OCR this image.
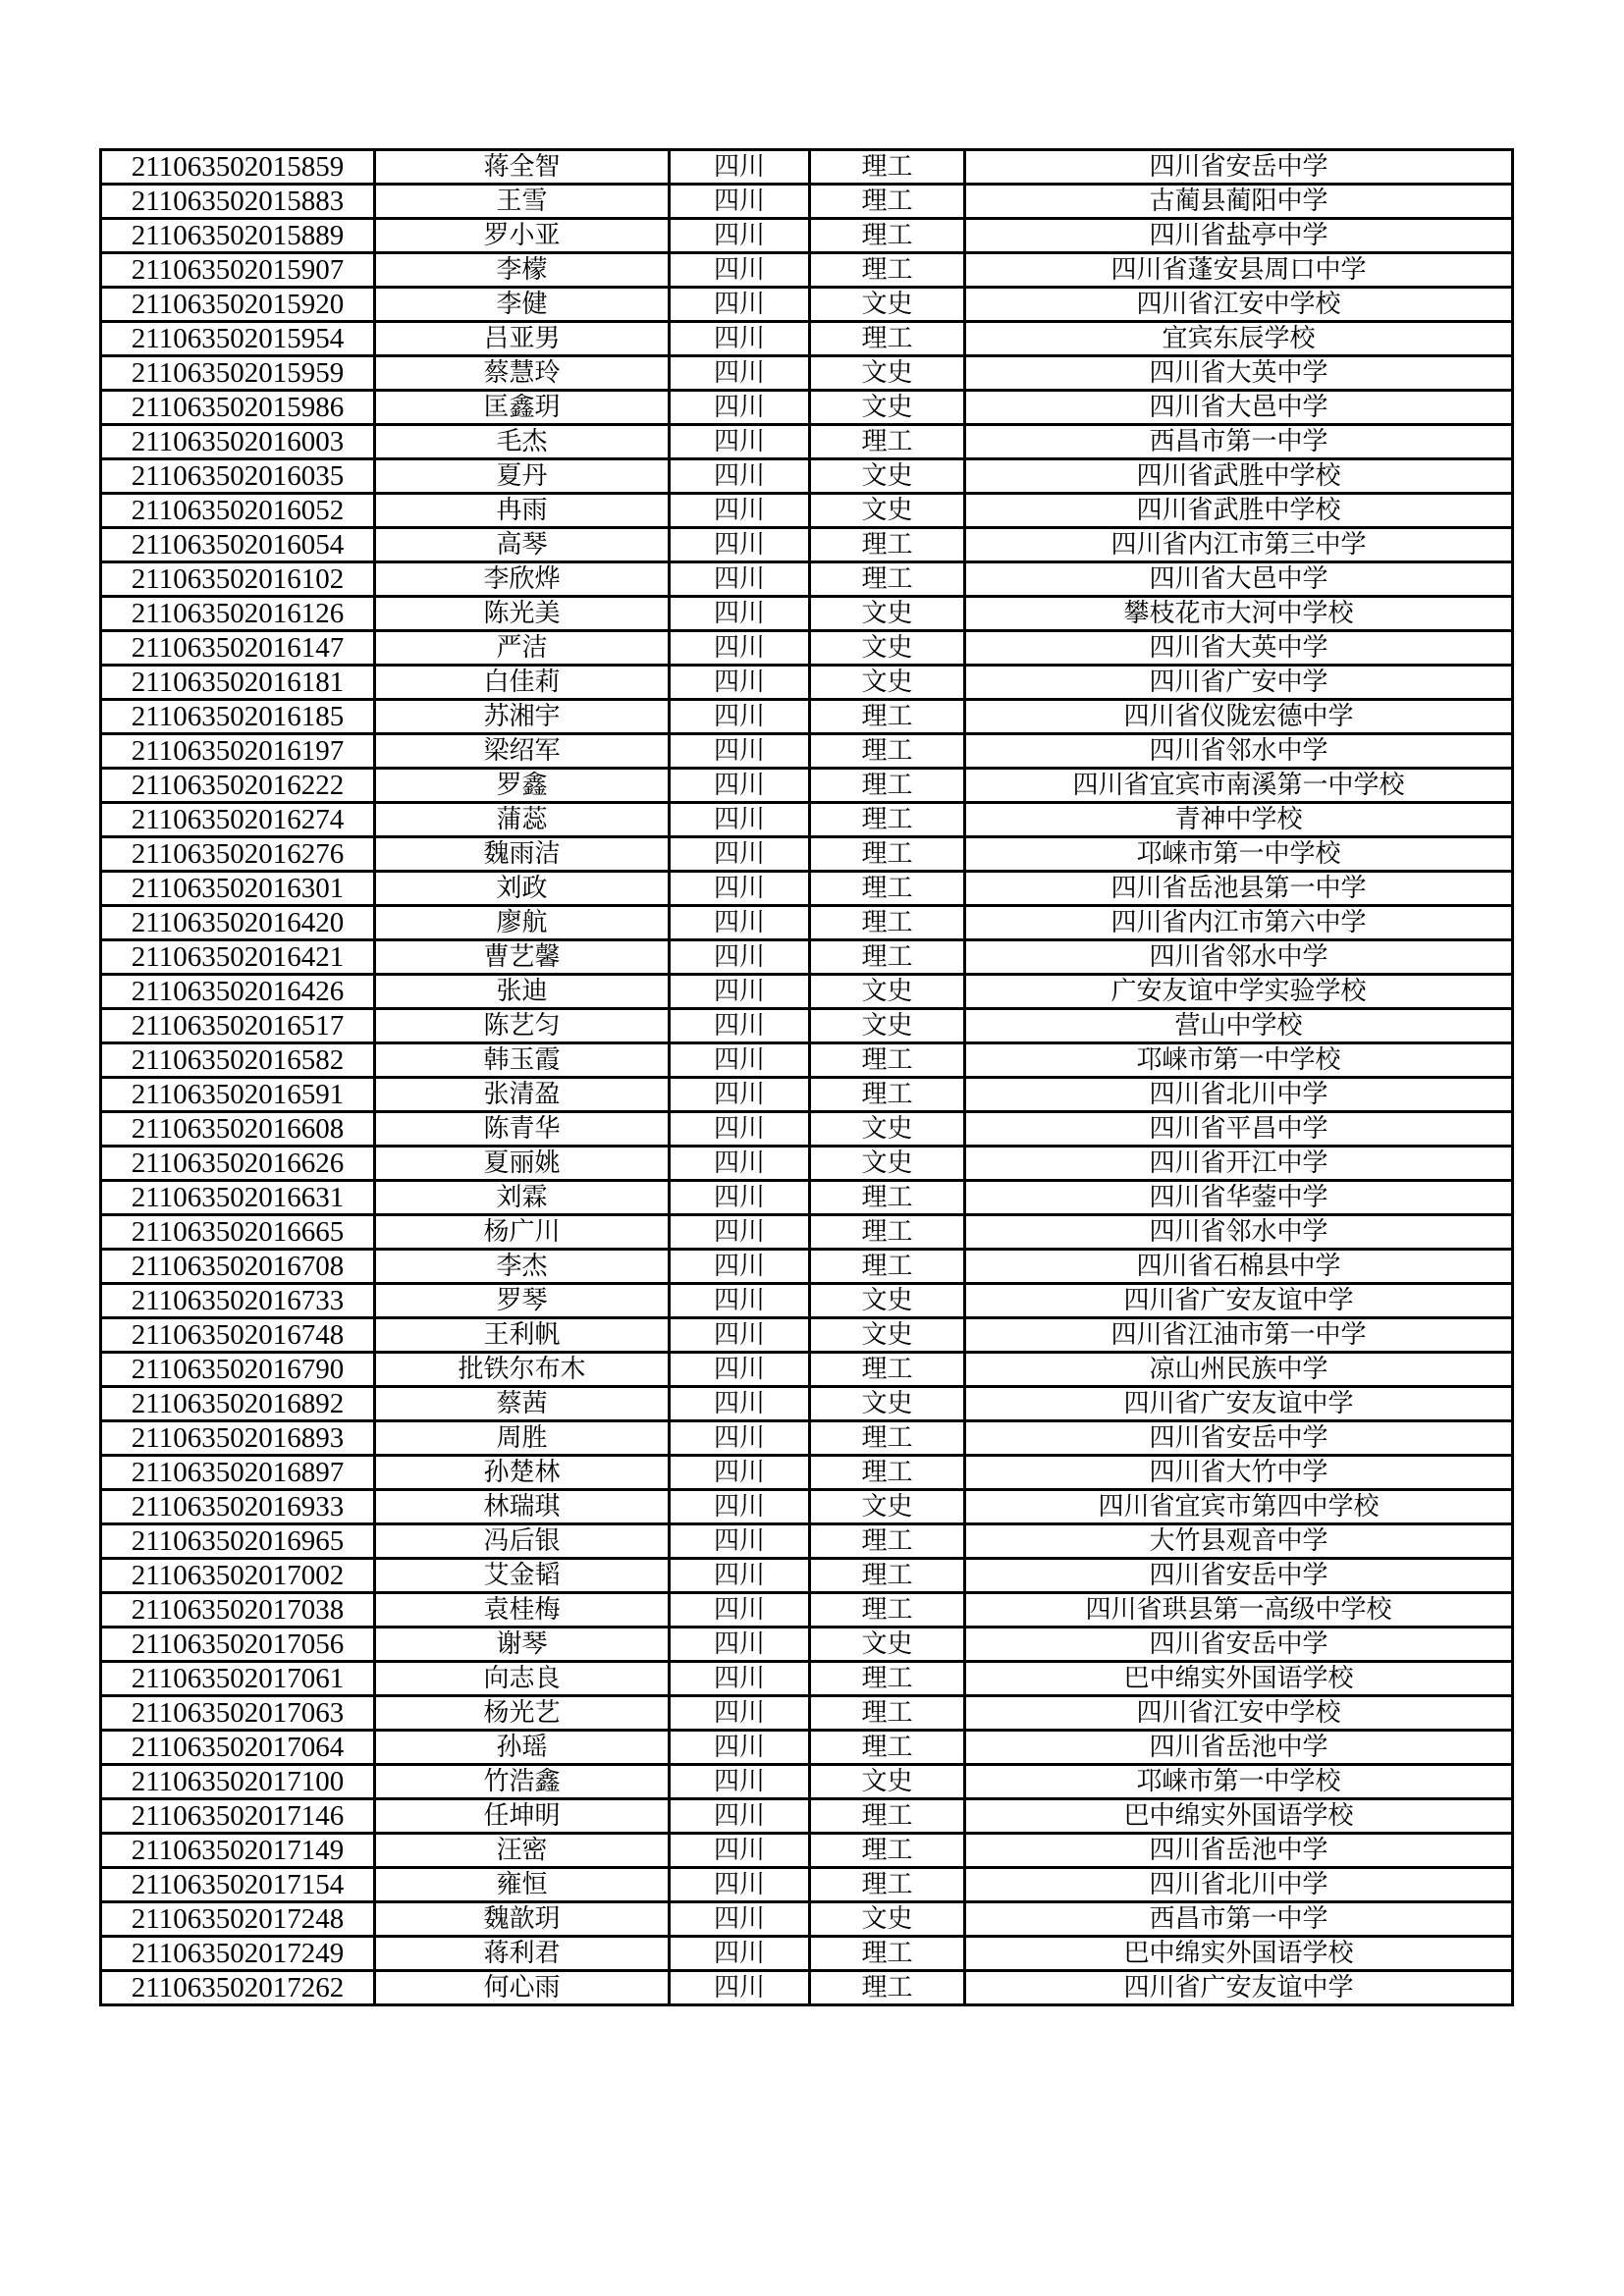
211063502015859	蒋全智	四川	理工	四川省安岳中学
211063502015883	王雪	四川	理工	古蔺县蔺阳中学
211063502015889	罗小亚	四川	理工	四川省盐亭中学
211063502015907	李檬	四川	理工	四川省蓬安县周口中学
211063502015920	李健	四川	文史	四川省江安中学校
211063502015954	吕亚男	四川	理工	宜宾东辰学校
211063502015959	蔡慧玲	四川	文史	四川省大英中学
211063502015986	匡鑫玥	四川	文史	四川省大邑中学
211063502016003	毛杰	四川	理工	西昌市第一中学
211063502016035	夏丹	四川	文史	四川省武胜中学校
211063502016052	冉雨	四川	文史	四川省武胜中学校
211063502016054	高琴	四川	理工	四川省内江市第三中学
211063502016102	李欣烨	四川	理工	四川省大邑中学
211063502016126	陈光美	四川	文史	攀枝花市大河中学校
211063502016147	严洁	四川	文史	四川省大英中学
211063502016181	白佳莉	四川	文史	四川省广安中学
211063502016185	苏湘宇	四川	理工	四川省仪陇宏德中学
211063502016197	梁绍军	四川	理工	四川省邻水中学
211063502016222	罗鑫	四川	理工	四川省宜宾市南溪第一中学校
211063502016274	蒲蕊	四川	理工	青神中学校
211063502016276	魏雨洁	四川	理工	邛崃市第一中学校
211063502016301	刘政	四川	理工	四川省岳池县第一中学
211063502016420	廖航	四川	理工	四川省内江市第六中学
211063502016421	曹艺馨	四川	理工	四川省邻水中学
211063502016426	张迪	四川	文史	广安友谊中学实验学校
211063502016517	陈艺匀	四川	文史	营山中学校
211063502016582	韩玉霞	四川	理工	邛崃市第一中学校
211063502016591	张清盈	四川	理工	四川省北川中学
211063502016608	陈青华	四川	文史	四川省平昌中学
211063502016626	夏丽姚	四川	文史	四川省开江中学
211063502016631	刘霖	四川	理工	四川省华蓥中学
211063502016665	杨广川	四川	理工	四川省邻水中学
211063502016708	李杰	四川	理工	四川省石棉县中学
211063502016733	罗琴	四川	文史	四川省广安友谊中学
211063502016748	王利帆	四川	文史	四川省江油市第一中学
211063502016790	批铁尔布木	四川	理工	凉山州民族中学
211063502016892	蔡茜	四川	文史	四川省广安友谊中学
211063502016893	周胜	四川	理工	四川省安岳中学
211063502016897	孙楚林	四川	理工	四川省大竹中学
211063502016933	林瑞琪	四川	文史	四川省宜宾市第四中学校
211063502016965	冯后银	四川	理工	大竹县观音中学
211063502017002	艾金韬	四川	理工	四川省安岳中学
211063502017038	袁桂梅	四川	理工	四川省珙县第一高级中学校
211063502017056	谢琴	四川	文史	四川省安岳中学
211063502017061	向志良	四川	理工	巴中绵实外国语学校
211063502017063	杨光艺	四川	理工	四川省江安中学校
211063502017064	孙瑶	四川	理工	四川省岳池中学
211063502017100	竹浩鑫	四川	文史	邛崃市第一中学校
211063502017146	任坤明	四川	理工	巴中绵实外国语学校
211063502017149	汪密	四川	理工	四川省岳池中学
211063502017154	雍恒	四川	理工	四川省北川中学
211063502017248	魏歆玥	四川	文史	西昌市第一中学
211063502017249	蒋利君	四川	理工	巴中绵实外国语学校
211063502017262	何心雨	四川	理工	四川省广安友谊中学
